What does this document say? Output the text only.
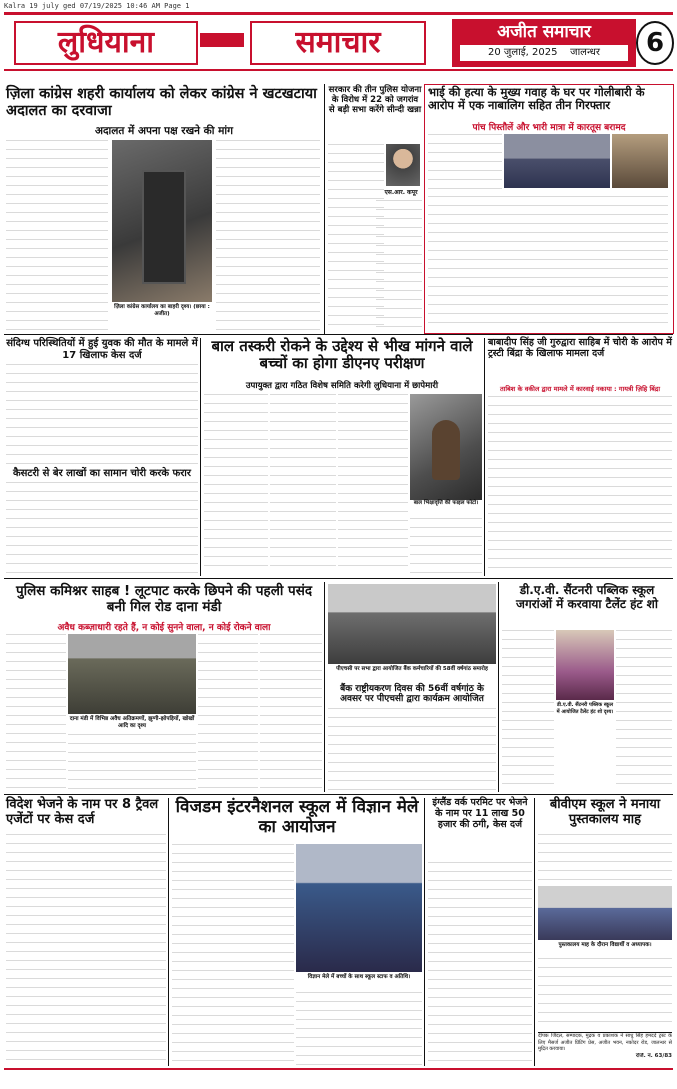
Kalra 19 july ged 07/19/2025 10:46 AM Page 1
लुधियाना	समाचार	अजीत समाचार
20 जुलाई, 2025 जालन्धर	6
ज़िला कांग्रेस शहरी कार्यालय को लेकर कांग्रेस ने खटखटाया अदालत का दरवाजा
अदालत में अपना पक्ष रखने की मांग
ज़िला कांग्रेस कार्यालय का बाहरी दृश्य। (छाया : अजीत)
सरकार की तीन पुलिस योजना के विरोध में 22 को जगरांव से बड़ी सभा करेंगे सीन्दी खन्ना
एस.आर. कपूर
भाई की हत्या के मुख्य गवाह के घर पर गोलीबारी के आरोप में एक नाबालिग सहित तीन गिरफ्तार
पांच पिस्तौलें और भारी मात्रा में कारतूस बरामद
संदिग्ध परिस्थितियों में हुई युवक की मौत के मामले में 17 खिलाफ केस दर्ज
कैसटरी से बेर लाखों का सामान चोरी करके फरार
बाल तस्करी रोकने के उद्देश्य से भीख मांगने वाले बच्चों का होगा डीएनए परीक्षण
उपायुक्त द्वारा गठित विशेष समिति करेगी लुधियाना में छापेमारी
बाल भिक्षावृत्ति की फाइल फोटो।
बाबादीप सिंह जी गुरुद्वारा साहिब में चोरी के आरोप में ट्रस्टी बिंद्रा के खिलाफ मामला दर्ज
ताबिश के वकील द्वारा मामले में कारवाई नकाया : गायत्री ज़िहि बिंद्रा
पुलिस कमिश्नर साहब ! लूटपाट करके छिपने की पहली पसंद बनी गिल रोड दाना मंडी
अवैध कब्ज़ाधारी रहते हैं, न कोई सुनने वाला, न कोई रोकने वाला
दाना मंडी में विभिन्न अवैध अतिक्रमणों, झुग्गी-झोपड़ियों, खोखों आदि का दृश्य
पीएचसी पर सभा द्वारा आयोजित बैंक कर्मचारियों की 58वीं वर्षगांठ समारोह
बैंक राष्ट्रीयकरण दिवस की 56वीं वर्षगांठ के अवसर पर पीएचसी द्वारा कार्यक्रम आयोजित
डी.ए.वी. सैंटनरी पब्लिक स्कूल जगरांओं में करवाया टैलेंट हंट शो
डी.ए.वी. सैंटनरी पब्लिक स्कूल में आयोजित टैलेंट हंट शो दृश्य।
विदेश भेजने के नाम पर 8 ट्रैवल एजेंटों पर केस दर्ज
विजडम इंटरनैशनल स्कूल में विज्ञान मेले का आयोजन
विज्ञान मेले में बच्चों के साथ स्कूल स्टाफ व अतिथि।
इंग्लैंड वर्क परमिट पर भेजने के नाम पर 11 लाख 50 हजार की ठगी, केस दर्ज
बीवीएम स्कूल ने मनाया पुस्तकालय माह
पुस्तकालय माह के दौरान विद्यार्थी व अध्यापक।
दीपक जिंदल, सम्पादक, मुद्रक व प्रकाशक ने साधु सिंह हमदर्द ट्रस्ट के लिए मैसर्ज अजीत प्रिंटिंग प्रेस, अजीत भवन, नकोदर रोड, जालन्धर से मुद्रित करवाया।
रजि. नं. 63/83
